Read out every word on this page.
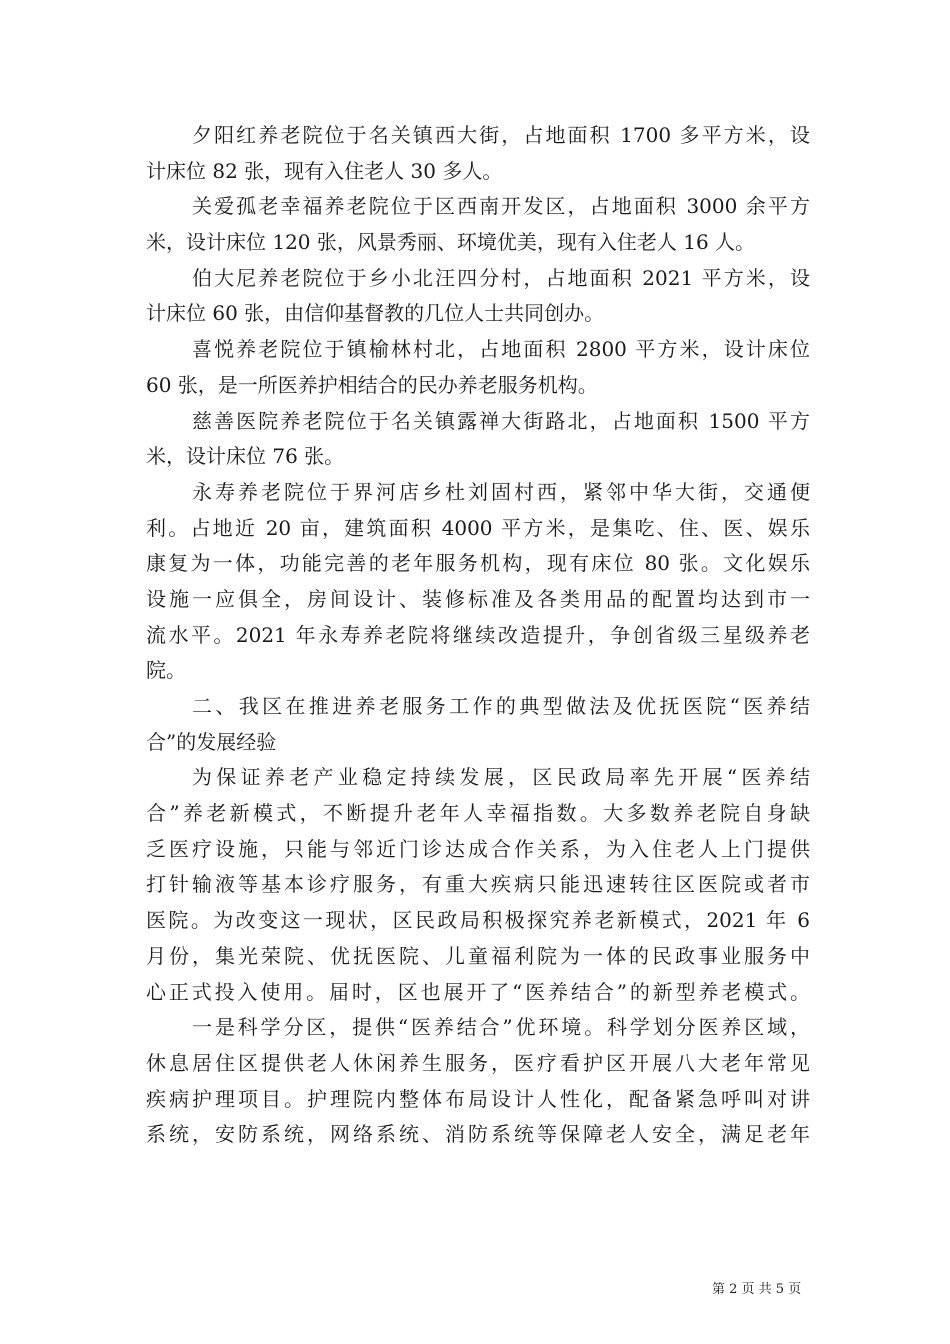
夕阳红养老院位于名关镇西大街，占地面积 1700 多平方米，设
计床位 82 张，现有入住老人 30 多人。
关爱孤老幸福养老院位于区西南开发区，占地面积 3000 余平方
米，设计床位 120 张，风景秀丽、环境优美，现有入住老人 16 人。
伯大尼养老院位于乡小北汪四分村，占地面积 2021 平方米，设
计床位 60 张，由信仰基督教的几位人士共同创办。
喜悦养老院位于镇榆林村北，占地面积 2800 平方米，设计床位
60 张，是一所医养护相结合的民办养老服务机构。
慈善医院养老院位于名关镇露禅大街路北，占地面积 1500 平方
米，设计床位 76 张。
永寿养老院位于界河店乡杜刘固村西，紧邻中华大街，交通便
利。占地近 20 亩，建筑面积 4000 平方米，是集吃、住、医、娱乐
康复为一体，功能完善的老年服务机构，现有床位 80 张。文化娱乐
设施一应俱全，房间设计、装修标准及各类用品的配置均达到市一
流水平。2021 年永寿养老院将继续改造提升，争创省级三星级养老
院。
二、我区在推进养老服务工作的典型做法及优抚医院“医养结
合”的发展经验
为保证养老产业稳定持续发展，区民政局率先开展“医养结
合”养老新模式，不断提升老年人幸福指数。大多数养老院自身缺
乏医疗设施，只能与邻近门诊达成合作关系，为入住老人上门提供
打针输液等基本诊疗服务，有重大疾病只能迅速转往区医院或者市
医院。为改变这一现状，区民政局积极探究养老新模式，2021 年 6
月份，集光荣院、优抚医院、儿童福利院为一体的民政事业服务中
心正式投入使用。届时，区也展开了“医养结合”的新型养老模式。
一是科学分区，提供“医养结合”优环境。科学划分医养区域，
休息居住区提供老人休闲养生服务，医疗看护区开展八大老年常见
疾病护理项目。护理院内整体布局设计人性化，配备紧急呼叫对讲
系统，安防系统，网络系统、消防系统等保障老人安全，满足老年
第 2 页 共 5 页
